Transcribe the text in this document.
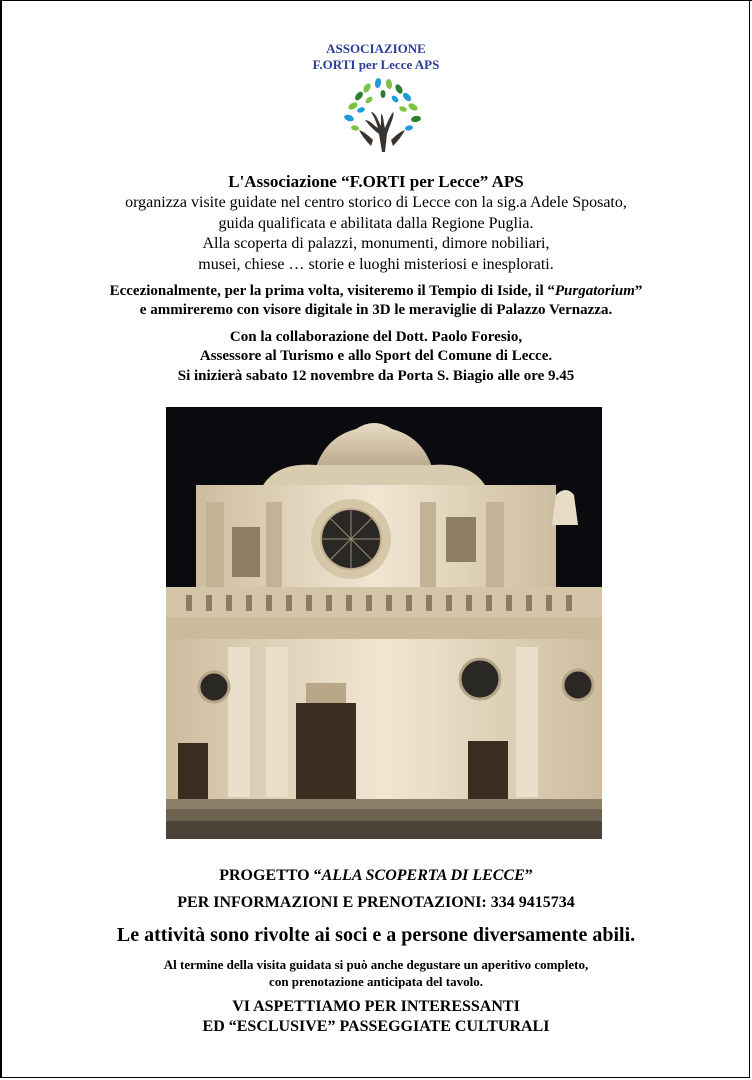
ASSOCIAZIONE
F.ORTI per Lecce APS
L'Associazione “F.ORTI per Lecce” APS
organizza visite guidate nel centro storico di Lecce con la sig.a Adele Sposato,
guida qualificata e abilitata dalla Regione Puglia.
Alla scoperta di palazzi, monumenti, dimore nobiliari,
musei, chiese … storie e luoghi misteriosi e inesplorati.
Eccezionalmente, per la prima volta, visiteremo il Tempio di Iside, il “Purgatorium”
e ammireremo con visore digitale in 3D le meraviglie di Palazzo Vernazza.
Con la collaborazione del Dott. Paolo Foresio,
Assessore al Turismo e allo Sport del Comune di Lecce.
Si inizierà sabato 12 novembre da Porta S. Biagio alle ore 9.45
PROGETTO “ALLA SCOPERTA DI LECCE”
PER INFORMAZIONI E PRENOTAZIONI: 334 9415734
Le attività sono rivolte ai soci e a persone diversamente abili.
Al termine della visita guidata si può anche degustare un aperitivo completo,
con prenotazione anticipata del tavolo.
VI ASPETTIAMO PER INTERESSANTI
ED “ESCLUSIVE” PASSEGGIATE CULTURALI
